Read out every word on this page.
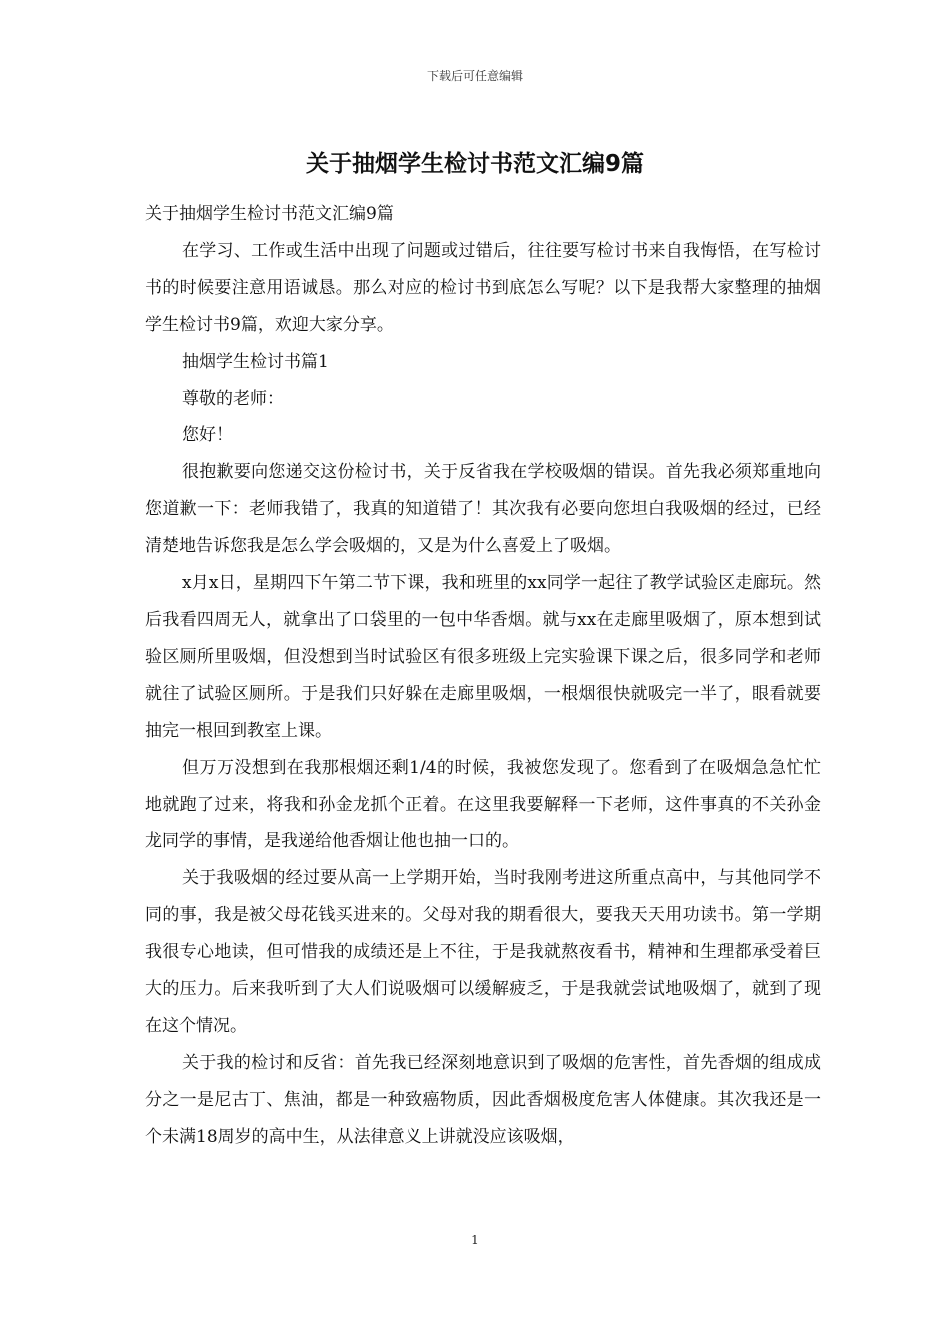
下载后可任意编辑
关于抽烟学生检讨书范文汇编9篇

关于抽烟学生检讨书范文汇编9篇

在学习、工作或生活中出现了问题或过错后，往往要写检讨书来自我悔悟，在写检讨书的时候要注意用语诚恳。那么对应的检讨书到底怎么写呢？以下是我帮大家整理的抽烟学生检讨书9篇，欢迎大家分享。

抽烟学生检讨书篇1

尊敬的老师：

您好！

很抱歉要向您递交这份检讨书，关于反省我在学校吸烟的错误。首先我必须郑重地向您道歉一下：老师我错了，我真的知道错了！其次我有必要向您坦白我吸烟的经过，已经清楚地告诉您我是怎么学会吸烟的，又是为什么喜爱上了吸烟。

x月x日，星期四下午第二节下课，我和班里的xx同学一起往了教学试验区走廊玩。然后我看四周无人，就拿出了口袋里的一包中华香烟。就与xx在走廊里吸烟了，原本想到试验区厕所里吸烟，但没想到当时试验区有很多班级上完实验课下课之后，很多同学和老师就往了试验区厕所。于是我们只好躲在走廊里吸烟，一根烟很快就吸完一半了，眼看就要抽完一根回到教室上课。

但万万没想到在我那根烟还剩1/4的时候，我被您发现了。您看到了在吸烟急急忙忙地就跑了过来，将我和孙金龙抓个正着。在这里我要解释一下老师，这件事真的不关孙金龙同学的事情，是我递给他香烟让他也抽一口的。

关于我吸烟的经过要从高一上学期开始，当时我刚考进这所重点高中，与其他同学不同的事，我是被父母花钱买进来的。父母对我的期看很大，要我天天用功读书。第一学期我很专心地读，但可惜我的成绩还是上不往，于是我就熬夜看书，精神和生理都承受着巨大的压力。后来我听到了大人们说吸烟可以缓解疲乏，于是我就尝试地吸烟了，就到了现在这个情况。

关于我的检讨和反省：首先我已经深刻地意识到了吸烟的危害性，首先香烟的组成成分之一是尼古丁、焦油，都是一种致癌物质，因此香烟极度危害人体健康。其次我还是一个未满18周岁的高中生，从法律意义上讲就没应该吸烟，

1
